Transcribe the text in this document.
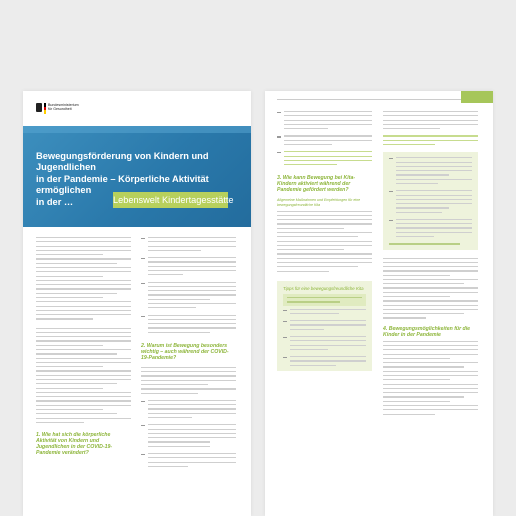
Bundesministerium
für Gesundheit
Bewegungsförderung von Kindern und Jugendlichen
in der Pandemie – Körperliche Aktivität ermöglichen
in der …	Lebenswelt Kindertagesstätte

1. Wie hat sich die körperliche Aktivität von Kindern und Jugendlichen in der COVID-19-Pandemie verändert?

2. Warum ist Bewegung besonders wichtig – auch während der COVID-19-Pandemie?

3. Wie kann Bewegung bei Kita-Kindern aktiviert während der Pandemie gefördert werden?

Allgemeine Maßnahmen und Empfehlungen für eine bewegungsfreundliche Kita

Tipps für eine bewegungsfreundliche Kita

4. Bewegungsmöglichkeiten für die Kinder in der Pandemie
